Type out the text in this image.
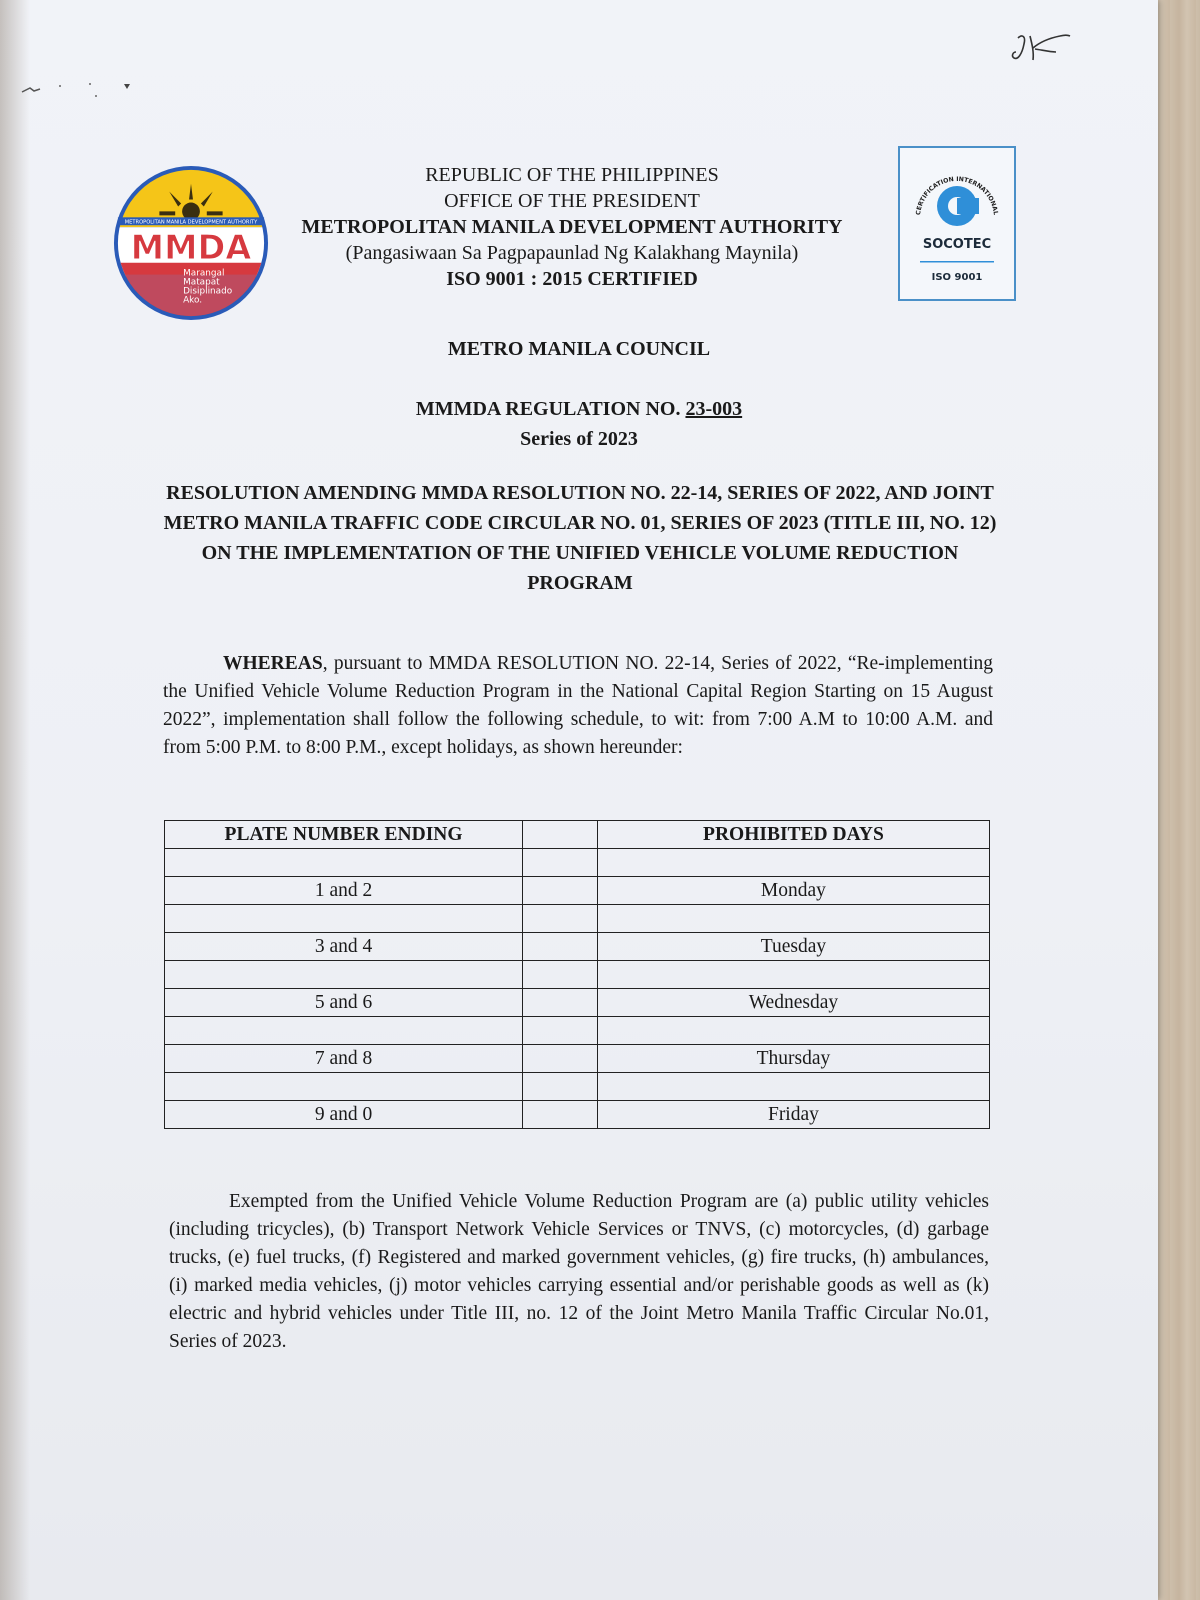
METROPOLITAN MANILA DEVELOPMENT AUTHORITY
MMDA
Marangal
Matapat
Disiplinado
Ako.
REPUBLIC OF THE PHILIPPINES
OFFICE OF THE PRESIDENT
METROPOLITAN MANILA DEVELOPMENT AUTHORITY
(Pangasiwaan Sa Pagpapaunlad Ng Kalakhang Maynila)
ISO 9001 : 2015 CERTIFIED
CERTIFICATION INTERNATIONAL
SOCOTEC
ISO 9001
METRO MANILA COUNCIL
MMMDA REGULATION NO. 23-003
Series of 2023
RESOLUTION AMENDING MMDA RESOLUTION NO. 22-14, SERIES OF 2022, AND JOINT METRO MANILA TRAFFIC CODE CIRCULAR NO. 01, SERIES OF 2023 (TITLE III, NO. 12) ON THE IMPLEMENTATION OF THE UNIFIED VEHICLE VOLUME REDUCTION PROGRAM
WHEREAS, pursuant to MMDA RESOLUTION NO. 22-14, Series of 2022, “Re-implementing the Unified Vehicle Volume Reduction Program in the National Capital Region Starting on 15 August 2022”, implementation shall follow the following schedule, to wit: from 7:00 A.M to 10:00 A.M. and from 5:00 P.M. to 8:00 P.M., except holidays, as shown hereunder:
PLATE NUMBER ENDING		PROHIBITED DAYS

1 and 2		Monday

3 and 4		Tuesday

5 and 6		Wednesday

7 and 8		Thursday

9 and 0		Friday
Exempted from the Unified Vehicle Volume Reduction Program are (a) public utility vehicles (including tricycles), (b) Transport Network Vehicle Services or TNVS, (c) motorcycles, (d) garbage trucks, (e) fuel trucks, (f) Registered and marked government vehicles, (g) fire trucks, (h) ambulances, (i) marked media vehicles, (j) motor vehicles carrying essential and/or perishable goods as well as (k) electric and hybrid vehicles under Title III, no. 12 of the Joint Metro Manila Traffic Circular No.01, Series of 2023.
